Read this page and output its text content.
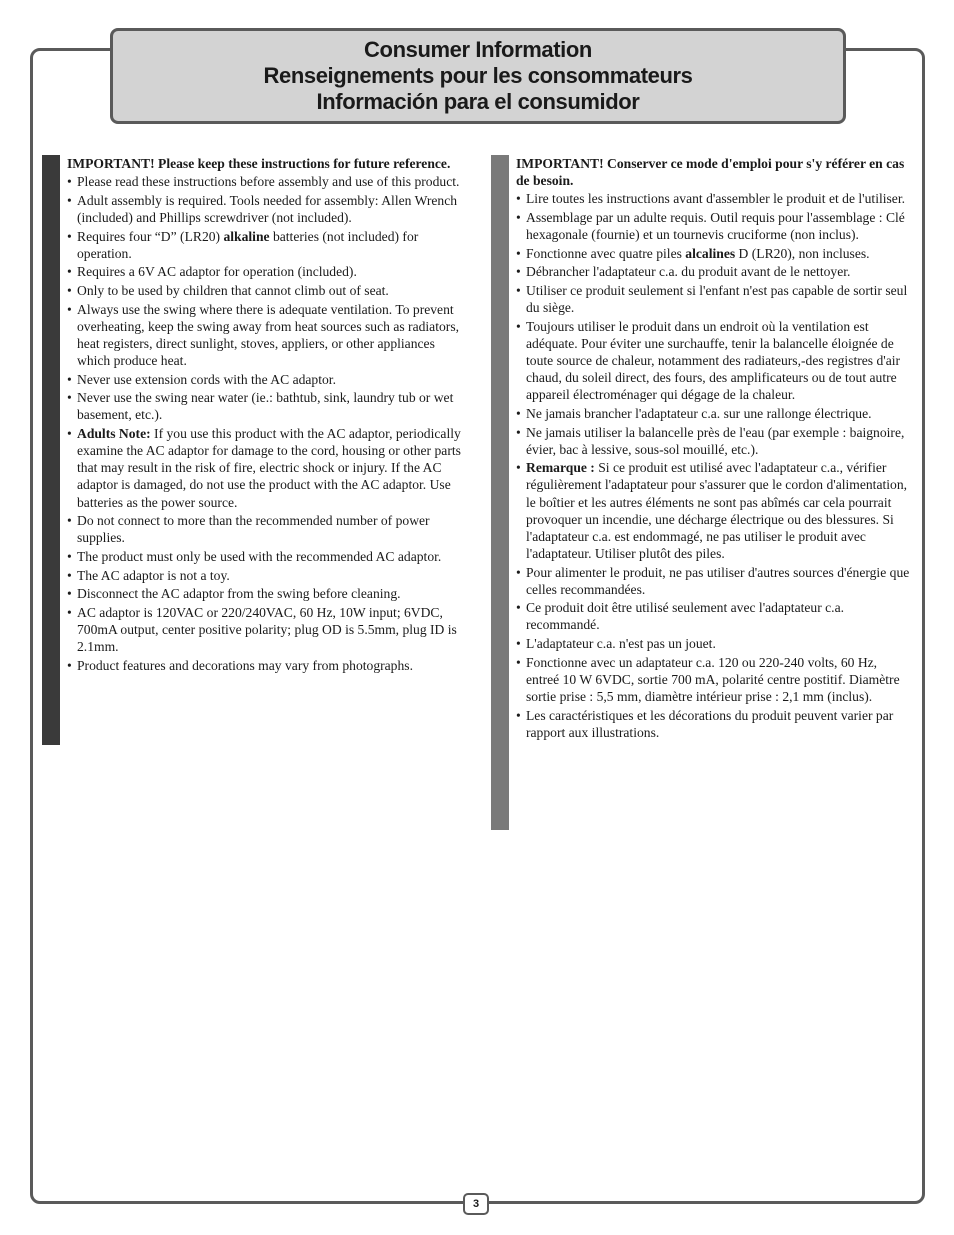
Consumer Information
Renseignements pour les consommateurs
Información para el consumidor

IMPORTANT! Please keep these instructions for future reference.

• Please read these instructions before assembly and use of this product.
• Adult assembly is required. Tools needed for assembly: Allen Wrench (included) and Phillips screwdriver (not included).
• Requires four “D” (LR20) alkaline batteries (not included) for operation.
• Requires a 6V AC adaptor for operation (included).
• Only to be used by children that cannot climb out of seat.
• Always use the swing where there is adequate ventilation. To prevent overheating, keep the swing away from heat sources such as radiators, heat registers, direct sunlight, stoves, appliers, or other appliances which produce heat.
• Never use extension cords with the AC adaptor.
• Never use the swing near water (ie.: bathtub, sink, laundry tub or wet basement, etc.).
• Adults Note: If you use this product with the AC adaptor, periodically examine the AC adaptor for damage to the cord, housing or other parts that may result in the risk of fire, electric shock or injury. If the AC adaptor is damaged, do not use the product with the AC adaptor. Use batteries as the power source.
• Do not connect to more than the recommended number of power supplies.
• The product must only be used with the recommended AC adaptor.
• The AC adaptor is not a toy.
• Disconnect the AC adaptor from the swing before cleaning.
• AC adaptor is 120VAC or 220/240VAC, 60 Hz, 10W input; 6VDC, 700mA output, center positive polarity; plug OD is 5.5mm, plug ID is 2.1mm.
• Product features and decorations may vary from photographs.

IMPORTANT! Conserver ce mode d'emploi pour s'y référer en cas de besoin.

• Lire toutes les instructions avant d'assembler le produit et de l'utiliser.
• Assemblage par un adulte requis. Outil requis pour l'assemblage : Clé hexagonale (fournie) et un tournevis cruciforme (non inclus).
• Fonctionne avec quatre piles alcalines D (LR20), non incluses.
• Débrancher l'adaptateur c.a. du produit avant de le nettoyer.
• Utiliser ce produit seulement si l'enfant n'est pas capable de sortir seul du siège.
• Toujours utiliser le produit dans un endroit où la ventilation est adéquate. Pour éviter une surchauffe, tenir la balancelle éloignée de toute source de chaleur, notamment des radiateurs,-des registres d'air chaud, du soleil direct, des fours, des amplificateurs ou de tout autre appareil électroménager qui dégage de la chaleur.
• Ne jamais brancher l'adaptateur c.a. sur une rallonge électrique.
• Ne jamais utiliser la balancelle près de l'eau (par exemple : baignoire, évier, bac à lessive, sous-sol mouillé, etc.).
• Remarque : Si ce produit est utilisé avec l'adaptateur c.a., vérifier régulièrement l'adaptateur pour s'assurer que le cordon d'alimentation, le boîtier et les autres éléments ne sont pas abîmés car cela pourrait provoquer un incendie, une décharge électrique ou des blessures. Si l'adaptateur c.a. est endommagé, ne pas utiliser le produit avec l'adaptateur. Utiliser plutôt des piles.
• Pour alimenter le produit, ne pas utiliser d'autres sources d'énergie que celles recommandées.
• Ce produit doit être utilisé seulement avec l'adaptateur c.a. recommandé.
• L'adaptateur c.a. n'est pas un jouet.
• Fonctionne avec un adaptateur c.a. 120 ou 220-240 volts, 60 Hz, entreé 10 W 6VDC, sortie 700 mA, polarité centre postitif. Diamètre sortie prise : 5,5 mm, diamètre intérieur prise : 2,1 mm (inclus).
• Les caractéristiques et les décorations du produit peuvent varier par rapport aux illustrations.
3
